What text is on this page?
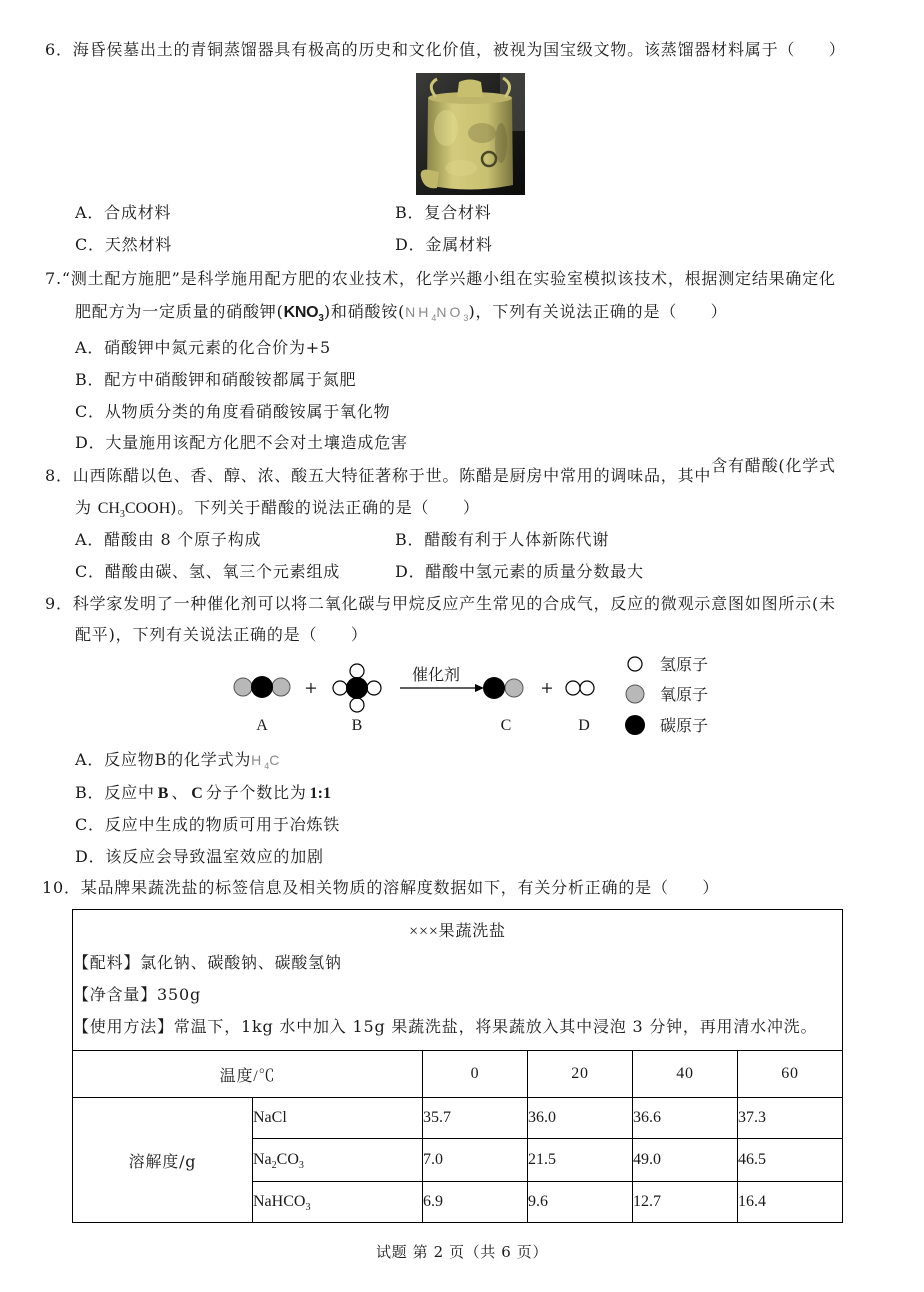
6．海昏侯墓出土的青铜蒸馏器具有极高的历史和文化价值，被视为国宝级文物。该蒸馏器材料属于（　　）
A．合成材料	B．复合材料
C．天然材料	D．金属材料
7.“测土配方施肥”是科学施用配方肥的农业技术，化学兴趣小组在实验室模拟该技术，根据测定结果确定化
肥配方为一定质量的硝酸钾$(KNO_3)$和硝酸铵$(NH_4NO_3)$，下列有关说法正确的是（　　）
A．硝酸钾中氮元素的化合价为+5
B．配方中硝酸钾和硝酸铵都属于氮肥
C．从物质分类的角度看硝酸铵属于氧化物
D．大量施用该配方化肥不会对土壤造成危害
8．山西陈醋以色、香、醇、浓、酸五大特征著称于世。陈醋是厨房中常用的调味品，其中含有醋酸(化学式
为 $CH_3COOH$)。下列关于醋酸的说法正确的是（　　）
A．醋酸由 8 个原子构成	B．醋酸有利于人体新陈代谢
C．醋酸由碳、氢、氧三个元素组成	D．醋酸中氢元素的质量分数最大
9．科学家发明了一种催化剂可以将二氧化碳与甲烷反应产生常见的合成气，反应的微观示意图如图所示(未
配平)，下列有关说法正确的是（　　）
+
催化剂
+
A	B	C	D
氢原子
氧原子
碳原子
A．反应物B的化学式为$H_4C$
B．反应中 B 、 C 分子个数比为 1:1
C．反应中生成的物质可用于冶炼铁
D．该反应会导致温室效应的加剧
10．某品牌果蔬洗盐的标签信息及相关物质的溶解度数据如下，有关分析正确的是（　　）
×××果蔬洗盐
【配料】氯化钠、碳酸钠、碳酸氢钠
【净含量】350g
【使用方法】常温下，1kg 水中加入 15g 果蔬洗盐，将果蔬放入其中浸泡 3 分钟，再用清水冲洗。					

温度/℃		0	20	40	60
溶解度/g	NaCl	35.7	36.0	36.6	37.3
	$Na_2CO_3$	7.0	21.5	49.0	46.5
	NaHCO$_3$	6.9	9.6	12.7	16.4
试题 第 2 页（共 6 页）
